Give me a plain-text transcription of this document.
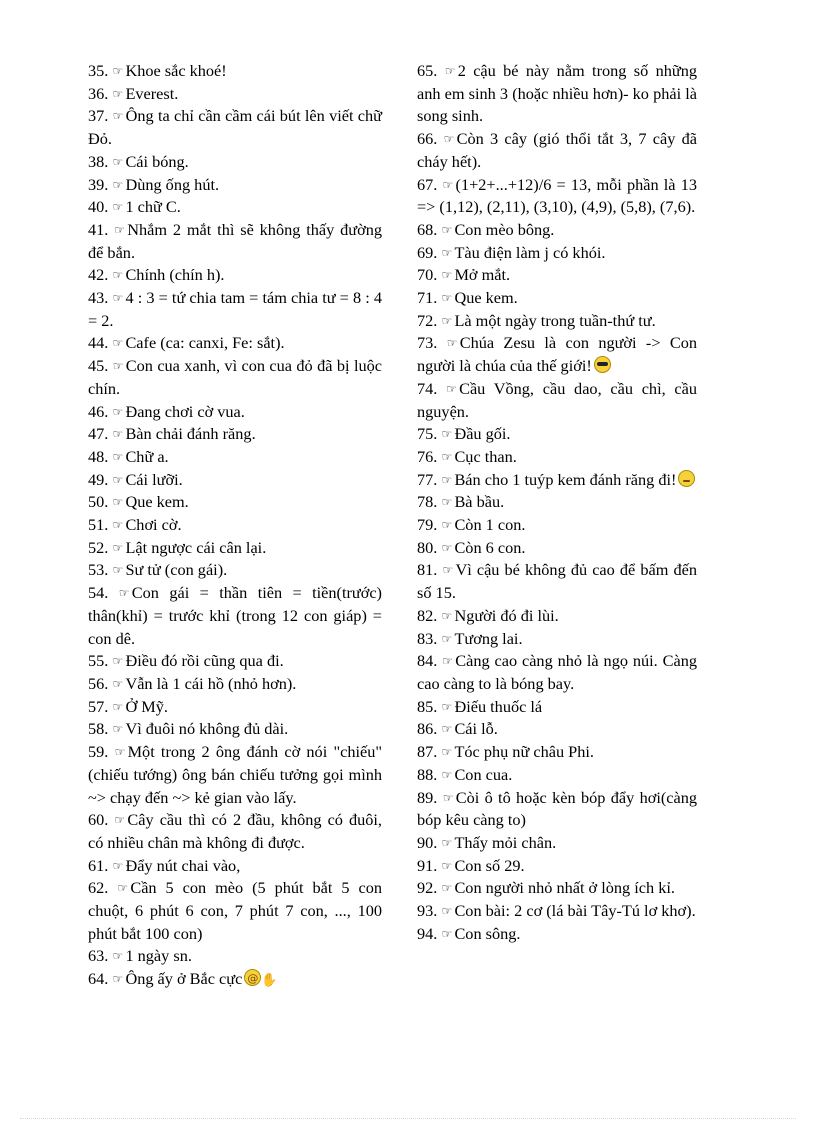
35. ☞ Khoe sắc khoé!

36. ☞ Everest.

37. ☞ Ông ta chỉ cần cầm cái bút lên viết chữ Đỏ.

38. ☞ Cái bóng.

39. ☞ Dùng ống hút.

40. ☞ 1 chữ C.

41. ☞ Nhắm 2 mắt thì sẽ không thấy đường để bắn.

42. ☞ Chính (chín h).

43. ☞ 4 : 3 = tứ chia tam = tám chia tư = 8 : 4 = 2.

44. ☞ Cafe (ca: canxi, Fe: sắt).

45. ☞ Con cua xanh, vì con cua đỏ đã bị luộc chín.

46. ☞ Đang chơi cờ vua.

47. ☞ Bàn chải đánh răng.

48. ☞ Chữ a.

49. ☞ Cái lưỡi.

50. ☞ Que kem.

51. ☞ Chơi cờ.

52. ☞ Lật ngược cái cân lại.

53. ☞ Sư tử (con gái).

54. ☞ Con gái = thần tiên = tiền(trước) thân(khỉ) = trước khỉ (trong 12 con giáp) = con dê.

55. ☞ Điều đó rồi cũng qua đi.

56. ☞ Vẫn là 1 cái hồ (nhỏ hơn).

57. ☞ Ở Mỹ.

58. ☞ Vì đuôi nó không đủ dài.

59. ☞ Một trong 2 ông đánh cờ nói "chiếu" (chiếu tướng) ông bán chiếu tưởng gọi mình ~> chạy đến ~> kẻ gian vào lấy.

60. ☞ Cây cầu thì có 2 đầu, không có đuôi, có nhiều chân mà không đi được.

61. ☞ Đẩy nút chai vào,

62. ☞ Cần 5 con mèo (5 phút bắt 5 con chuột, 6 phút 6 con, 7 phút 7 con, ..., 100 phút bắt 100 con)

63. ☞ 1 ngày sn.

64. ☞ Ông ấy ở Bắc cực@ ✋

65. ☞ 2 cậu bé này nằm trong số những anh em sinh 3 (hoặc nhiều hơn)- ko phải là song sinh.

66. ☞ Còn 3 cây (gió thổi tắt 3, 7 cây đã cháy hết).

67. ☞ (1+2+...+12)/6 = 13, mỗi phần là 13 => (1,12), (2,11), (3,10), (4,9), (5,8), (7,6).

68. ☞ Con mèo bông.

69. ☞ Tàu điện làm j có khói.

70. ☞ Mở mắt.

71. ☞ Que kem.

72. ☞ Là một ngày trong tuần-thứ tư.

73. ☞ Chúa Zesu là con người -> Con người là chúa của thế giới!

74. ☞ Cầu Vồng, cầu dao, cầu chì, cầu nguyện.

75. ☞ Đầu gối.

76. ☞ Cục than.

77. ☞ Bán cho 1 tuýp kem đánh răng đi!

78. ☞ Bà bầu.

79. ☞ Còn 1 con.

80. ☞ Còn 6 con.

81. ☞ Vì cậu bé không đủ cao để bấm đến số 15.

82. ☞ Người đó đi lùi.

83. ☞ Tương lai.

84. ☞ Càng cao càng nhỏ là ngọ núi. Càng cao càng to là bóng bay.

85. ☞ Điếu thuốc lá

86. ☞ Cái lỗ.

87. ☞ Tóc phụ nữ châu Phi.

88. ☞ Con cua.

89. ☞ Còi ô tô hoặc kèn bóp đẩy hơi(càng bóp kêu càng to)

90. ☞ Thấy mỏi chân.

91. ☞ Con số 29.

92. ☞ Con người nhỏ nhất ở lòng ích kỉ.

93. ☞ Con bài: 2 cơ (lá bài Tây-Tú lơ khơ).

94. ☞ Con sông.
